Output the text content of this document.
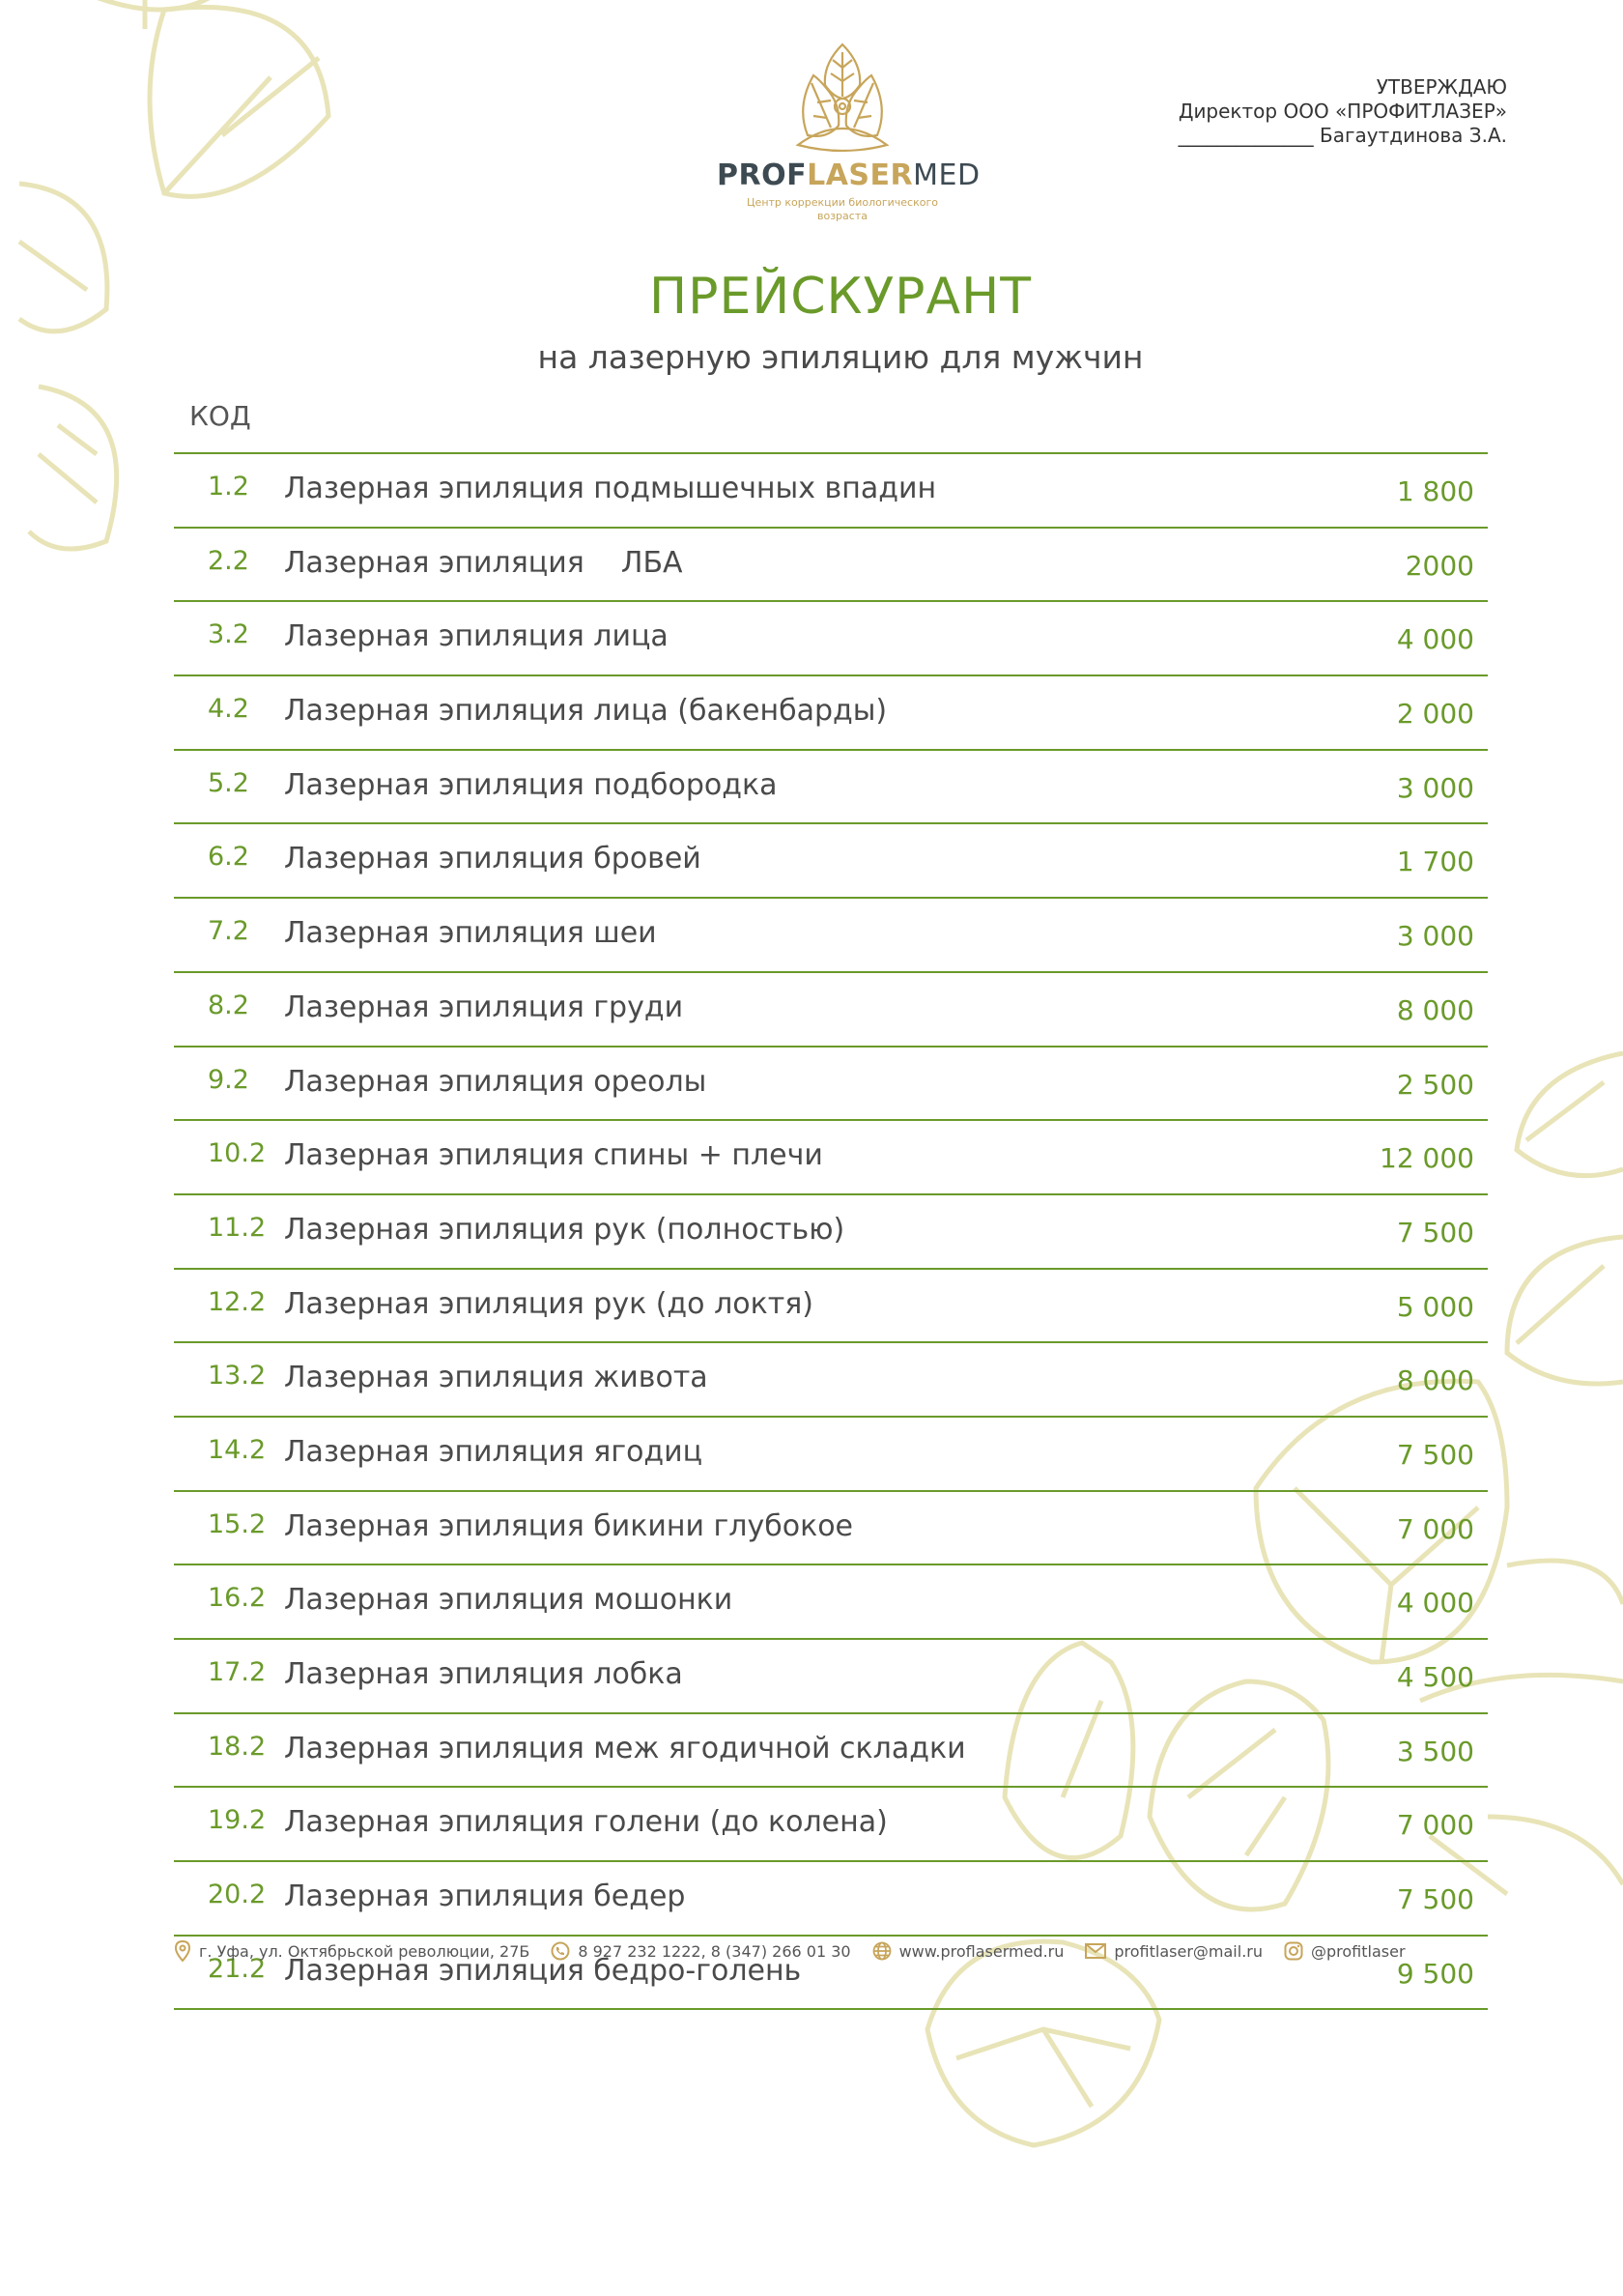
УТВЕРЖДАЮ
Директор ООО «ПРОФИТЛАЗЕР»
______________ Багаутдинова З.А.
PROFLASERMED
Центр коррекции биологического возраста
ПРЕЙСКУРАНТ
на лазерную эпиляцию для мужчин
КОД
1.2 Лазерная эпиляция подмышечных впадин	1 800
2.2 Лазерная эпиляция    ЛБА	2000
3.2 Лазерная эпиляция лица	4 000
4.2 Лазерная эпиляция лица (бакенбарды)	2 000
5.2 Лазерная эпиляция подбородка	3 000
6.2 Лазерная эпиляция бровей	1 700
7.2 Лазерная эпиляция шеи	3 000
8.2 Лазерная эпиляция груди	8 000
9.2 Лазерная эпиляция ореолы	2 500
10.2 Лазерная эпиляция спины + плечи	12 000
11.2 Лазерная эпиляция рук (полностью)	7 500
12.2 Лазерная эпиляция рук (до локтя)	5 000
13.2 Лазерная эпиляция живота	8 000
14.2 Лазерная эпиляция ягодиц	7 500
15.2 Лазерная эпиляция бикини глубокое	7 000
16.2 Лазерная эпиляция мошонки	4 000
17.2 Лазерная эпиляция лобка	4 500
18.2 Лазерная эпиляция меж ягодичной складки	3 500
19.2 Лазерная эпиляция голени (до колена)	7 000
20.2 Лазерная эпиляция бедер	7 500
21.2 Лазерная эпиляция бедро-голень	9 500
г. Уфа, ул. Октябрьской революции, 27Б	8 927 232 1222, 8 (347) 266 01 30	www.proflasermed.ru	profitlaser@mail.ru	@profitlaser
